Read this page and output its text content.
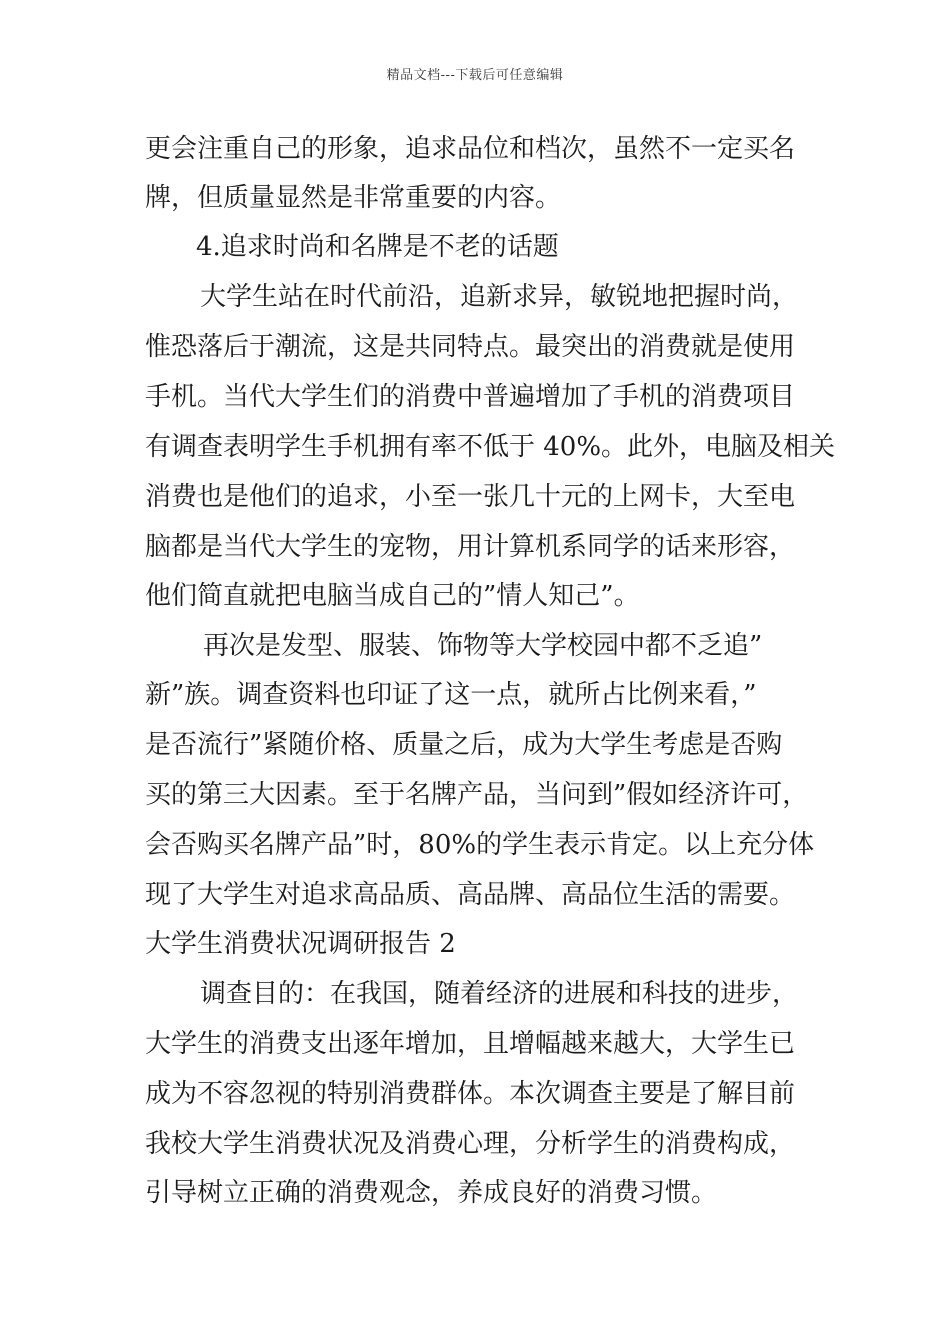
精品文档---下载后可任意编辑
更会注重自己的形象，追求品位和档次，虽然不一定买名
牌，但质量显然是非常重要的内容。
4.追求时尚和名牌是不老的话题
大学生站在时代前沿，追新求异，敏锐地把握时尚，
惟恐落后于潮流，这是共同特点。最突出的消费就是使用
手机。当代大学生们的消费中普遍增加了手机的消费项目
有调查表明学生手机拥有率不低于 40%。此外，电脑及相关
消费也是他们的追求，小至一张几十元的上网卡，大至电
脑都是当代大学生的宠物，用计算机系同学的话来形容，
他们简直就把电脑当成自己的”情人知己”。
再次是发型、服装、饰物等大学校园中都不乏追”
新”族。调查资料也印证了这一点，就所占比例来看，”
是否流行”紧随价格、质量之后，成为大学生考虑是否购
买的第三大因素。至于名牌产品，当问到”假如经济许可，
会否购买名牌产品”时，80%的学生表示肯定。以上充分体
现了大学生对追求高品质、高品牌、高品位生活的需要。
大学生消费状况调研报告 2
调查目的：在我国，随着经济的进展和科技的进步，
大学生的消费支出逐年增加，且增幅越来越大，大学生已
成为不容忽视的特别消费群体。本次调查主要是了解目前
我校大学生消费状况及消费心理，分析学生的消费构成，
引导树立正确的消费观念，养成良好的消费习惯。
